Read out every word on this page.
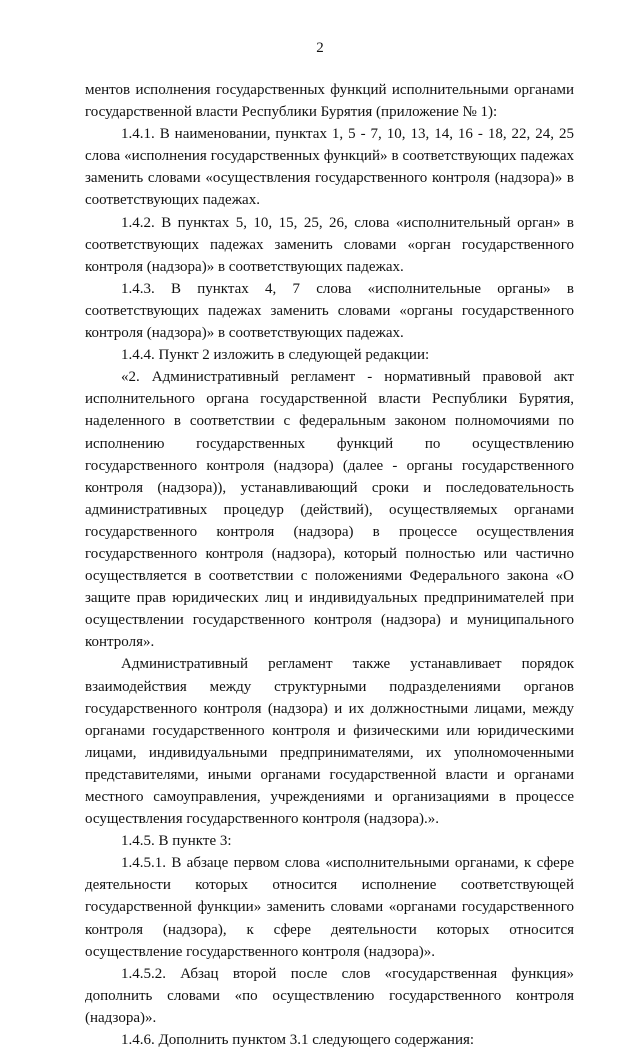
2

ментов исполнения государственных функций исполнительными органами государственной власти Республики Бурятия (приложение № 1):

1.4.1. В наименовании, пунктах 1, 5 - 7, 10, 13, 14, 16 - 18, 22, 24, 25 слова «исполнения государственных функций» в соответствующих падежах заменить словами «осуществления государственного контроля (надзора)» в соответствующих падежах.

1.4.2. В пунктах 5, 10, 15, 25, 26, слова «исполнительный орган» в соответствующих падежах заменить словами «орган государственного контроля (надзора)» в соответствующих падежах.

1.4.3. В пунктах 4, 7 слова «исполнительные органы» в соответствующих падежах заменить словами «органы государственного контроля (надзора)» в соответствующих падежах.

1.4.4. Пункт 2 изложить в следующей редакции:

«2. Административный регламент - нормативный правовой акт исполнительного органа государственной власти Республики Бурятия, наделенного в соответствии с федеральным законом полномочиями по исполнению государственных функций по осуществлению государственного контроля (надзора) (далее - органы государственного контроля (надзора)), устанавливающий сроки и последовательность административных процедур (действий), осуществляемых органами государственного контроля (надзора) в процессе осуществления государственного контроля (надзора), который полностью или частично осуществляется в соответствии с положениями Федерального закона «О защите прав юридических лиц и индивидуальных предпринимателей при осуществлении государственного контроля (надзора) и муниципального контроля».

Административный регламент также устанавливает порядок взаимодействия между структурными подразделениями органов государственного контроля (надзора) и их должностными лицами, между органами государственного контроля и физическими или юридическими лицами, индивидуальными предпринимателями, их уполномоченными представителями, иными органами государственной власти и органами местного самоуправления, учреждениями и организациями в процессе осуществления государственного контроля (надзора).».

1.4.5. В пункте 3:

1.4.5.1. В абзаце первом слова «исполнительными органами, к сфере деятельности которых относится исполнение соответствующей государственной функции» заменить словами «органами государственного контроля (надзора), к сфере деятельности которых относится осуществление государственного контроля (надзора)».

1.4.5.2. Абзац второй после слов «государственная функция» дополнить словами «по осуществлению государственного контроля (надзора)».

1.4.6. Дополнить пунктом 3.1 следующего содержания:
